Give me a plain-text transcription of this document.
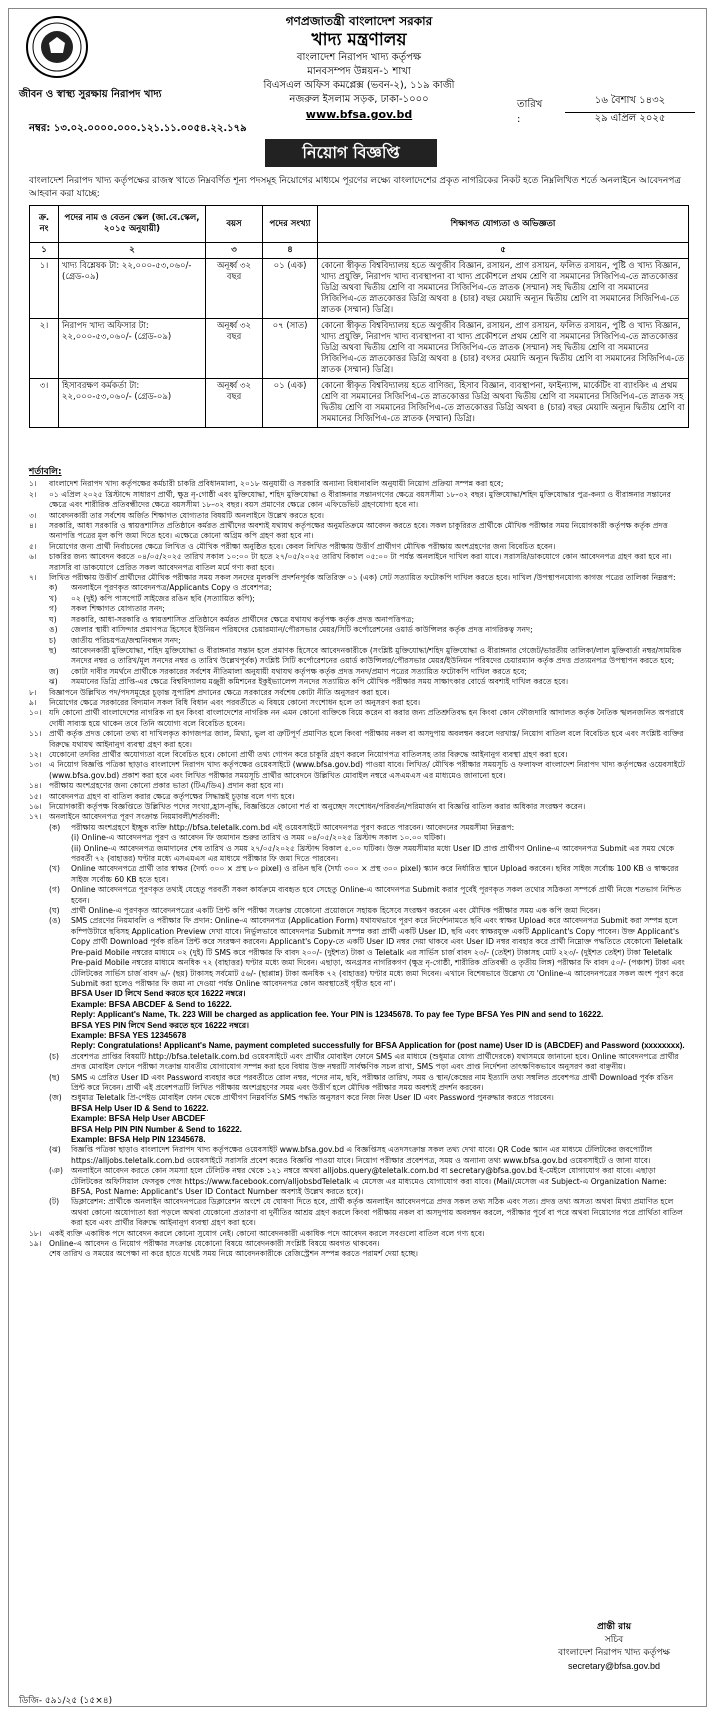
জীবন ও স্বাস্থ্য সুরক্ষায় নিরাপদ খাদ্য
গণপ্রজাতন্ত্রী বাংলাদেশ সরকার
খাদ্য মন্ত্রণালয়
বাংলাদেশ নিরাপদ খাদ্য কর্তৃপক্ষ
মানবসম্পদ উন্নয়ন-১ শাখা
বিএসএল অফিস কমপ্লেক্স (ভবন-২), ১১৯ কাজী
নজরুল ইসলাম সড়ক, ঢাকা-১০০০
www.bfsa.gov.bd
তারিখ :
১৬ বৈশাখ ১৪৩২
২৯ এপ্রিল ২০২৫
নম্বর: ১৩.০২.০০০০.০০০.১২১.১১.০০৫৪.২২.১৭৯
নিয়োগ বিজ্ঞপ্তি
বাংলাদেশ নিরাপদ খাদ্য কর্তৃপক্ষের রাজস্ব খাতে নিম্নবর্ণিত শূন্য পদসমূহ নিয়োগের মাধ্যমে পূরণের লক্ষ্যে বাংলাদেশের প্রকৃত নাগরিকের নিকট হতে নিম্নলিখিত শর্তে অনলাইনে আবেদনপত্র আহবান করা যাচ্ছে:
ক্র. নং	পদের নাম ও বেতন স্কেল (জা.বে.স্কেল, ২০১৫ অনুযায়ী)	বয়স	পদের সংখ্যা	শিক্ষাগত যোগ্যতা ও অভিজ্ঞতা
১	২	৩	৪	৫
১।	খাদ্য বিশ্লেষক টা: ২২,০০০-৫৩,০৬০/- (গ্রেড-০৯)	অনূর্ধ্ব ৩২ বছর	০১ (এক)	কোনো স্বীকৃত বিশ্ববিদ্যালয় হতে অণুজীব বিজ্ঞান, রসায়ন, প্রাণ রসায়ন, ফলিত রসায়ন, পুষ্টি ও খাদ্য বিজ্ঞান, খাদ্য প্রযুক্তি, নিরাপদ খাদ্য ব্যবস্থাপনা বা খাদ্য প্রকৌশলে প্রথম শ্রেণি বা সমমানের সিজিপিএ-তে স্নাতকোত্তর ডিগ্রি অথবা দ্বিতীয় শ্রেণি বা সমমানের সিজিপিএ-তে স্নাতক (সম্মান) সহ দ্বিতীয় শ্রেণি বা সমমানের সিজিপিএ-তে স্নাতকোত্তর ডিগ্রি অথবা ৪ (চার) বছর মেয়াদি অন্যূন দ্বিতীয় শ্রেণি বা সমমানের সিজিপিএ-তে স্নাতক (সম্মান) ডিগ্রি।
২।	নিরাপদ খাদ্য অফিসার টা: ২২,০০০-৫৩,০৬০/- (গ্রেড-০৯)	অনূর্ধ্ব ৩২ বছর	০৭ (সাত)	কোনো স্বীকৃত বিশ্ববিদ্যালয় হতে অণুজীব বিজ্ঞান, রসায়ন, প্রাণ রসায়ন, ফলিত রসায়ন, পুষ্টি ও খাদ্য বিজ্ঞান, খাদ্য প্রযুক্তি, নিরাপদ খাদ্য ব্যবস্থাপনা বা খাদ্য প্রকৌশলে প্রথম শ্রেণি বা সমমানের সিজিপিএ-তে স্নাতকোত্তর ডিগ্রি অথবা দ্বিতীয় শ্রেণি বা সমমানের সিজিপিএ-তে স্নাতক (সম্মান) সহ দ্বিতীয় শ্রেণি বা সমমানের সিজিপিএ-তে স্নাতকোত্তর ডিগ্রি অথবা ৪ (চার) বৎসর মেয়াদি অন্যূন দ্বিতীয় শ্রেণি বা সমমানের সিজিপিএ-তে স্নাতক (সম্মান) ডিগ্রি।
৩।	হিসাবরক্ষণ কর্মকর্তা টা: ২২,০০০-৫৩,০৬০/- (গ্রেড-০৯)	অনূর্ধ্ব ৩২ বছর	০১ (এক)	কোনো স্বীকৃত বিশ্ববিদ্যালয় হতে বাণিজ্য, হিসাব বিজ্ঞান, ব্যবস্থাপনা, ফাইন্যান্স, মার্কেটিং বা ব্যাংকিং এ প্রথম শ্রেণি বা সমমানের সিজিপিএ-তে স্নাতকোত্তর ডিগ্রি অথবা দ্বিতীয় শ্রেণি বা সমমানের সিজিপিএ-তে স্নাতক সহ দ্বিতীয় শ্রেণি বা সমমানের সিজিপিএ-তে স্নাতকোত্তর ডিগ্রি অথবা ৪ (চার) বছর মেয়াদি অন্যূন দ্বিতীয় শ্রেণি বা সমমানের সিজিপিএ-তে স্নাতক (সম্মান) ডিগ্রি।
শর্তাবলি:
১।	বাংলাদেশ নিরাপদ খাদ্য কর্তৃপক্ষের কর্মচারী চাকরি প্রবিধানমালা, ২০১৮ অনুযায়ী ও সরকারি অন্যান্য বিধানাবলি অনুযায়ী নিয়োগ প্রক্রিয়া সম্পন্ন করা হবে;
২।	০১ এপ্রিল ২০২৫ খ্রিস্টাব্দে সাধারণ প্রার্থী, ক্ষুদ্র নৃ-গোষ্ঠী এবং মুক্তিযোদ্ধা, শহিদ মুক্তিযোদ্ধা ও বীরাঙ্গনার সন্তানগণের ক্ষেত্রে বয়সসীমা ১৮-৩২ বছর। মুক্তিযোদ্ধা/শহিদ মুক্তিযোদ্ধার পুত্র-কন্যা ও বীরাঙ্গনার সন্তানের ক্ষেত্রে এবং শারীরিক প্রতিবন্ধীদের ক্ষেত্রে বয়সসীমা ১৮-৩২ বছর। বয়স প্রমাণের ক্ষেত্রে কোন এফিডেভিট গ্রহণযোগ্য হবে না।
৩।	আবেদনকারী তার সর্বশেষ অর্জিত শিক্ষাগত যোগ্যতার বিষয়টি অনলাইনে উল্লেখ করতে হবে।
৪।	সরকারি, আধা সরকারি ও স্বায়ত্তশাসিত প্রতিষ্ঠানে কর্মরত প্রার্থীদের অবশ্যই যথাযথ কর্তৃপক্ষের অনুমতিক্রমে আবেদন করতে হবে। সকল চাকুরিরত প্রার্থীকে মৌখিক পরীক্ষার সময় নিয়োগকারী কর্তৃপক্ষ কর্তৃক প্রদত্ত অনাপত্তি পত্রের মূল কপি জমা দিতে হবে। এক্ষেত্রে কোনো অগ্রিম কপি গ্রহণ করা হবে না।
৫।	নিয়োগের জন্য প্রার্থী নির্বাচনের ক্ষেত্রে লিখিত ও মৌখিক পরীক্ষা অনুষ্ঠিত হবে। কেবল লিখিত পরীক্ষায় উত্তীর্ণ প্রার্থীগণ মৌখিক পরীক্ষায় অংশগ্রহণের জন্য বিবেচিত হবেন।
৬।	চাকরির জন্য আবেদন করতে ০৪/০৫/২০২৫ তারিখ সকাল ১০:০০ টা হতে ২৭/০৫/২০২৫ তারিখ বিকাল ০৫:০০ টা পর্যন্ত অনলাইনে দাখিল করা যাবে। সরাসরি/ডাকযোগে কোন আবেদনপত্র গ্রহণ করা হবে না। সরাসরি বা ডাকযোগে প্রেরিত সকল আবেদনপত্র বাতিল মর্মে গণ্য করা হবে।
৭।	লিখিত পরীক্ষায় উত্তীর্ণ প্রার্থীদের মৌখিক পরীক্ষার সময় সকল সনদের মূলকপি প্রদর্শনপূর্বক অতিরিক্ত ০১ (এক) সেট সত্যায়িত ফটোকপি দাখিল করতে হবে। দাখিল /উপস্থাপনযোগ্য কাগজ পত্রের তালিকা নিম্নরূপ:
ক)	অনলাইনে পূরণকৃত আবেদনপত্র/Applicants Copy ও প্রবেশপত্র;
খ)	০২ (দুই) কপি পাসপোর্ট সাইজের রঙিন ছবি (সত্যায়িত কপি);
গ)	সকল শিক্ষাগত যোগ্যতার সনদ;
ঘ)	সরকারি, আধা-সরকারি ও স্বায়ত্তশাসিত প্রতিষ্ঠানে কর্মরত প্রার্থীদের ক্ষেত্রে যথাযথ কর্তৃপক্ষ কর্তৃক প্রদত্ত অনাপত্তিপত্র;
ঙ)	জেলার স্থায়ী বাসিন্দার প্রমাণপত্র হিসেবে ইউনিয়ন পরিষদের চেয়ারম্যান/পৌরসভার মেয়র/সিটি কর্পোরেশনের ওয়ার্ড কাউন্সিলর কর্তৃক প্রদত্ত নাগরিকত্ব সনদ;
চ)	জাতীয় পরিচয়পত্র/জন্মনিবন্ধন সনদ;
ছ)	আবেদনকারী মুক্তিযোদ্ধা, শহিদ মুক্তিযোদ্ধা ও বীরাঙ্গনার সন্তান হলে প্রমাণক হিসেবে আবেদনকারীকে (সংশ্লিষ্ট মুক্তিযোদ্ধা/শহিদ মুক্তিযোদ্ধা ও বীরাঙ্গনার গেজেট/ভারতীয় তালিকা/লাল মুক্তিবার্তা নম্বর/সাময়িক সনদের নম্বর ও তারিখ/মূল সনদের নম্বর ও তারিখ উল্লেখপূর্বক) সংশ্লিষ্ট সিটি কর্পোরেশনের ওয়ার্ড কাউন্সিলর/পৌরসভার মেয়র/ইউনিয়ন পরিষদের চেয়ারম্যান কর্তৃক প্রদত্ত প্রত্যয়নপত্র উপস্থাপন করতে হবে;
জ)	কোটা দাবীর সমর্থনে প্রার্থীকে সরকারের সর্বশেষ নীতিমালা অনুযায়ী যথাযথ কর্তৃপক্ষ কর্তৃক প্রদত্ত সনদ/প্রমাণ পত্রের সত্যায়িত ফটোকপি দাখিল করতে হবে;
ঝ)	সমমানের ডিগ্রি প্রাপ্তি-এর ক্ষেত্রে বিশ্ববিদ্যালয় মঞ্জুরী কমিশনের ইকুইভ্যালেন্স সনদের সত্যায়িত কপি মৌখিক পরীক্ষার সময় সাক্ষাৎকার বোর্ডে অবশ্যই দাখিল করতে হবে।
৮।	বিজ্ঞাপনে উল্লিখিত পদ/পদসমূহের চূড়ান্ত সুপারিশ প্রদানের ক্ষেত্রে সরকারের সর্বশেষ কোটা নীতি অনুসরণ করা হবে।
৯।	নিয়োগের ক্ষেত্রে সরকারের বিদ্যমান সকল বিধি বিধান এবং পরবর্তীতে এ বিষয়ে কোনো সংশোধন হলে তা অনুসরণ করা হবে।
১০। যদি কোনো প্রার্থী বাংলাদেশের নাগরিক না হন কিংবা বাংলাদেশের নাগরিক নন এমন কোনো ব্যক্তিকে বিয়ে করেন বা করার জন্য প্রতিশ্রুতিবদ্ধ হন কিংবা কোন ফৌজদারি আদালত কর্তৃক নৈতিক স্খলনজনিত অপরাধে দোষী সাব্যস্ত হয়ে থাকেন তবে তিনি অযোগ্য বলে বিবেচিত হবেন।
১১। প্রার্থী কর্তৃক প্রদত্ত কোনো তথ্য বা দাখিলকৃত কাগজপত্র জাল, মিথ্যা, ভুল বা ত্রুটিপূর্ণ প্রমাণিত হলে কিংবা পরীক্ষায় নকল বা অসদুপায় অবলম্বন করলে দরখাস্ত/ নিয়োগ বাতিল বলে বিবেচিত হবে এবং সংশ্লিষ্ট ব্যক্তির বিরুদ্ধে যথাযথ আইনানুগ ব্যবস্থা গ্রহণ করা হবে।
১২। যেকোনো তদবির প্রার্থীর অযোগ্যতা বলে বিবেচিত হবে। কোনো প্রার্থী তথ্য গোপন করে চাকুরি গ্রহণ করলে নিয়োগপত্র বাতিলসহ তার বিরুদ্ধে আইনানুগ ব্যবস্থা গ্রহণ করা হবে।
১৩। এ নিয়োগ বিজ্ঞপ্তি পত্রিকা ছাড়াও বাংলাদেশ নিরাপদ খাদ্য কর্তৃপক্ষের ওয়েবসাইটে (www.bfsa.gov.bd) পাওয়া যাবে। লিখিত/ মৌখিক পরীক্ষার সময়সূচি ও ফলাফল বাংলাদেশ নিরাপদ খাদ্য কর্তৃপক্ষের ওয়েবসাইটে (www.bfsa.gov.bd) প্রকাশ করা হবে এবং লিখিত পরীক্ষার সময়সূচি প্রার্থীর আবেদনে উল্লিখিত মোবাইল নম্বরে এসএমএস এর মাধ্যমেও জানানো হবে।
১৪। পরীক্ষায় অংশগ্রহণের জন্য কোনো প্রকার ভাতা (টিএ/ডিএ) প্রদান করা হবে না।
১৫। আবেদনপত্র গ্রহণ বা বাতিল করার ক্ষেত্রে কর্তৃপক্ষের সিদ্ধান্তই চূড়ান্ত বলে গণ্য হবে।
১৬। নিয়োগকারী কর্তৃপক্ষ বিজ্ঞপ্তিতে উল্লিখিত পদের সংখ্যা,হ্রাস-বৃদ্ধি, বিজ্ঞপ্তিতে কোনো শর্ত বা অনুচ্ছেদ সংশোধন/পরিবর্তন/পরিমার্জন বা বিজ্ঞপ্তি বাতিল করার অধিকার সংরক্ষণ করেন।
১৭। অনলাইনে আবেদনপত্র পূরণ সংক্রান্ত নিয়মাবলী/শর্তাবলী:
(ক)	পরীক্ষায় অংশগ্রহণে ইচ্ছুক ব্যক্তি http://bfsa.teletalk.com.bd এই ওয়েবসাইটে আবেদনপত্র পূরণ করতে পারবেন। আবেদনের সময়সীমা নিম্নরূপ:
(i) Online-এ আবেদনপত্র পূরণ ও আবেদন ফি জমাদান শুরুর তারিখ ও সময় ০৪/০৫/২০২৫ খ্রিস্টাব্দ সকাল ১০.০০ ঘটিকা।
(ii) Online-এ আবেদনপত্র জমাদানের শেষ তারিখ ও সময় ২৭/০৫/২০২৫ খ্রিস্টাব্দ বিকাল ৫.০০ ঘটিকা। উক্ত সময়সীমার মধ্যে User ID প্রাপ্ত প্রার্থীগণ Online-এ আবেদনপত্র Submit এর সময় থেকে পরবর্তী ৭২ (বাহাত্তর) ঘণ্টার মধ্যে এসএমএস এর মাধ্যমে পরীক্ষার ফি জমা দিতে পারবেন।
(খ)	Online আবেদনপত্রে প্রার্থী তার স্বাক্ষর (দৈর্ঘ্য ৩০০ × প্রস্থ ৮০ pixel) ও রঙিন ছবি (দৈর্ঘ্য ৩০০ × প্রস্থ ৩০০ pixel) স্ক্যান করে নির্ধারিত স্থানে Upload করবেন। ছবির সাইজ সর্বোচ্চ 100 KB ও স্বাক্ষরের সাইজ সর্বোচ্চ 60 KB হতে হবে।
(গ)	Online আবেদনপত্রে পূরণকৃত তথ্যই যেহেতু পরবর্তী সকল কার্যক্রমে ব্যবহৃত হবে সেহেতু Online-এ আবেদনপত্র Submit করার পূর্বেই পূরণকৃত সকল তথ্যের সঠিকতা সম্পর্কে প্রার্থী নিজে শতভাগ নিশ্চিত হবেন।
(ঘ)	প্রার্থী Online-এ পূরণকৃত আবেদনপত্রের একটি প্রিন্ট কপি পরীক্ষা সংক্রান্ত যেকোনো প্রয়োজনে সহায়ক হিসেবে সংরক্ষণ করবেন এবং মৌখিক পরীক্ষার সময় এক কপি জমা দিবেন।
(ঙ)	SMS প্রেরণের নিয়মাবলি ও পরীক্ষার ফি প্রদান: Online-এ আবেদনপত্র (Application Form) যথাযথভাবে পূরণ করে নির্দেশনামতে ছবি এবং স্বাক্ষর Upload করে আবেদনপত্র Submit করা সম্পন্ন হলে কম্পিউটারে ছবিসহ Application Preview দেখা যাবে। নির্ভুলভাবে আবেদনপত্র Submit সম্পন্ন করা প্রার্থী একটি User ID, ছবি এবং স্বাক্ষরযুক্ত একটি Applicant's Copy পাবেন। উক্ত Applicant's Copy প্রার্থী Download পূর্বক রঙিন প্রিন্ট করে সংরক্ষণ করবেন। Applicant's Copy-তে একটি User ID নম্বর দেয়া থাকবে এবং User ID নম্বর ব্যবহার করে প্রার্থী নিম্নোক্ত পদ্ধতিতে যেকোনো Teletalk Pre-paid Mobile নম্বরের মাধ্যমে ০২ (দুই) টি SMS করে পরীক্ষার ফি বাবদ ২০০/- (দুইশত) টাকা ও Teletalk এর সার্ভিস চার্জ বাবদ ২৩/- (তেইশ) টাকাসহ মোট ২২৩/- (দুইশত তেইশ) টাকা Teletalk Pre-paid Mobile নম্বরের মাধ্যমে অনধিক ৭২ (বাহাত্তর) ঘণ্টার মধ্যে জমা দিবেন। এছাড়া, অনগ্রসর নাগরিকগণ (ক্ষুদ্র নৃ-গোষ্ঠী, শারীরিক প্রতিবন্ধী ও তৃতীয় লিঙ্গ) পরীক্ষার ফি বাবদ ৫০/- (পঞ্চাশ) টাকা এবং টেলিটকের সার্ভিস চার্জ বাবদ ৬/- (ছয়) টাকাসহ সর্বমোট ৫৬/- (ছাপ্পান্ন) টাকা অনধিক ৭২ (বাহাত্তর) ঘণ্টার মধ্যে জমা দিবেন। এখানে বিশেষভাবে উল্লেখ্য যে 'Online-এ আবেদনপত্রের সকল অংশ পূরণ করে Submit করা হলেও পরীক্ষার ফি জমা না দেওয়া পর্যন্ত Online আবেদনপত্র কোন অবস্থাতেই গৃহীত হবে না'।
BFSA User ID লিখে Send করতে হবে 16222 নম্বরে।
Example: BFSA ABCDEF & Send to 16222.
Reply: Applicant's Name, Tk. 223 Will be charged as application fee. Your PIN is 12345678. To pay fee Type BFSA Yes PIN and send to 16222.
BFSA YES PIN লিখে Send করতে হবে 16222 নম্বরে।
Example: BFSA YES 12345678
Reply: Congratulations! Applicant's Name, payment completed successfully for BFSA Application for (post name) User ID is (ABCDEF) and Password (xxxxxxxx).
(চ)	প্রবেশপত্র প্রাপ্তির বিষয়টি http://bfsa.teletalk.com.bd ওয়েবসাইটে এবং প্রার্থীর মোবাইল ফোনে SMS এর মাধ্যমে (শুধুমাত্র যোগ্য প্রার্থীদেরকে) যথাসময়ে জানানো হবে। Online আবেদনপত্রে প্রার্থীর প্রদত্ত মোবাইল ফোনে পরীক্ষা সংক্রান্ত যাবতীয় যোগাযোগ সম্পন্ন করা হবে বিধায় উক্ত নম্বরটি সার্বক্ষণিক সচল রাখা, SMS পড়া এবং প্রাপ্ত নির্দেশনা তাৎক্ষণিকভাবে অনুসরণ করা বাঞ্ছনীয়।
(ছ)	SMS এ প্রেরিত User ID এবং Password ব্যবহার করে পরবর্তীতে রোল নম্বর, পদের নাম, ছবি, পরীক্ষার তারিখ, সময় ও স্থান/কেন্দ্রের নাম ইত্যাদি তথ্য সম্বলিত প্রবেশপত্র প্রার্থী Download পূর্বক রঙিন প্রিন্ট করে নিবেন। প্রার্থী এই প্রবেশপত্রটি লিখিত পরীক্ষায় অংশগ্রহণের সময় এবং উত্তীর্ণ হলে মৌখিক পরীক্ষার সময় অবশ্যই প্রদর্শন করবেন।
(জ)	শুধুমাত্র Teletalk প্রি-পেইড মোবাইল ফোন থেকে প্রার্থীগণ নিম্নবর্ণিত SMS পদ্ধতি অনুসরণ করে নিজ নিজ User ID এবং Password পুনরুদ্ধার করতে পারবেন।
BFSA Help User ID & Send to 16222.
Example: BFSA Help User ABCDEF
BFSA Help PIN PIN Number & Send to 16222.
Example: BFSA Help PIN 12345678.
(ঝ)	বিজ্ঞপ্তি পত্রিকা ছাড়াও বাংলাদেশ নিরাপদ খাদ্য কর্তৃপক্ষের ওয়েবসাইট www.bfsa.gov.bd এ বিজ্ঞপ্তিসহ এতদসংক্রান্ত সকল তথ্য দেখা যাবে। QR Code স্ক্যান এর মাধ্যমে টেলিটকের জবপোর্টাল https://alljobs.teletalk.com.bd ওয়েবসাইটে সরাসরি প্রবেশ করেও বিজ্ঞপ্তি পাওয়া যাবে। নিয়োগ পরীক্ষার প্রবেশপত্র, সময় ও অন্যান্য তথ্য www.bfsa.gov.bd ওয়েবসাইটে ও জানা যাবে।
(ঞ)	অনলাইনে আবেদন করতে কোন সমস্যা হলে টেলিটক নম্বর থেকে ১২১ নম্বরে অথবা alljobs.query@teletalk.com.bd বা secretary@bfsa.gov.bd ই-মেইলে যোগাযোগ করা যাবে। এছাড়া টেলিটকের অফিসিয়াল ফেসবুক পেজ https://www.facebook.com/alljobsbdTeletalk এ মেসেজ এর মাধ্যমেও যোগাযোগ করা যাবে। (Mail/মেসেজ এর Subject-এ Organization Name: BFSA, Post Name: Applicant's User ID Contact Number অবশ্যই উল্লেখ করতে হবে)।
(ট)	ডিক্লারেশন: প্রার্থীকে অনলাইন আবেদনপত্রের ডিক্লারেশন অংশে যে ঘোষণা দিতে হবে, প্রার্থী কর্তৃক অনলাইন আবেদনপত্রে প্রদত্ত সকল তথ্য সঠিক এবং সত্য। প্রদত্ত তথ্য অসত্য অথবা মিথ্যা প্রমাণিত হলে অথবা কোনো অযোগ্যতা ধরা পড়লে অথবা যেকোনো প্রতারণা বা দুর্নীতির আশ্রয় গ্রহণ করলে কিংবা পরীক্ষায় নকল বা অসদুপায় অবলম্বন করলে, পরীক্ষার পূর্বে বা পরে অথবা নিয়োগের পরে প্রার্থিতা বাতিল করা হবে এবং প্রার্থীর বিরুদ্ধে আইনানুগ ব্যবস্থা গ্রহণ করা হবে।
১৮। একই ব্যক্তি একাধিক পদে আবেদন করলে কোনো সুযোগ নেই। কোনো আবেদনকারী একাধিক পদে আবেদন করলে সবগুলো বাতিল বলে গণ্য হবে।
১৯। Online-এ আবেদন ও নিয়োগ পরীক্ষার সংক্রান্ত যেকোনো বিষয়ে আবেদনকারী সংশ্লিষ্ট বিষয়ে অবগত থাকবেন।
শেষ তারিখ ও সময়ের অপেক্ষা না করে হাতে যথেষ্ট সময় নিয়ে আবেদনকারীকে রেজিস্ট্রেশন সম্পন্ন করতে পরামর্শ দেয়া হচ্ছে।
প্রান্তী রায়
সচিব
বাংলাদেশ নিরাপদ খাদ্য কর্তৃপক্ষ
secretary@bfsa.gov.bd
ডিজি- ৫৯১/২৫ (১৫×৪)
